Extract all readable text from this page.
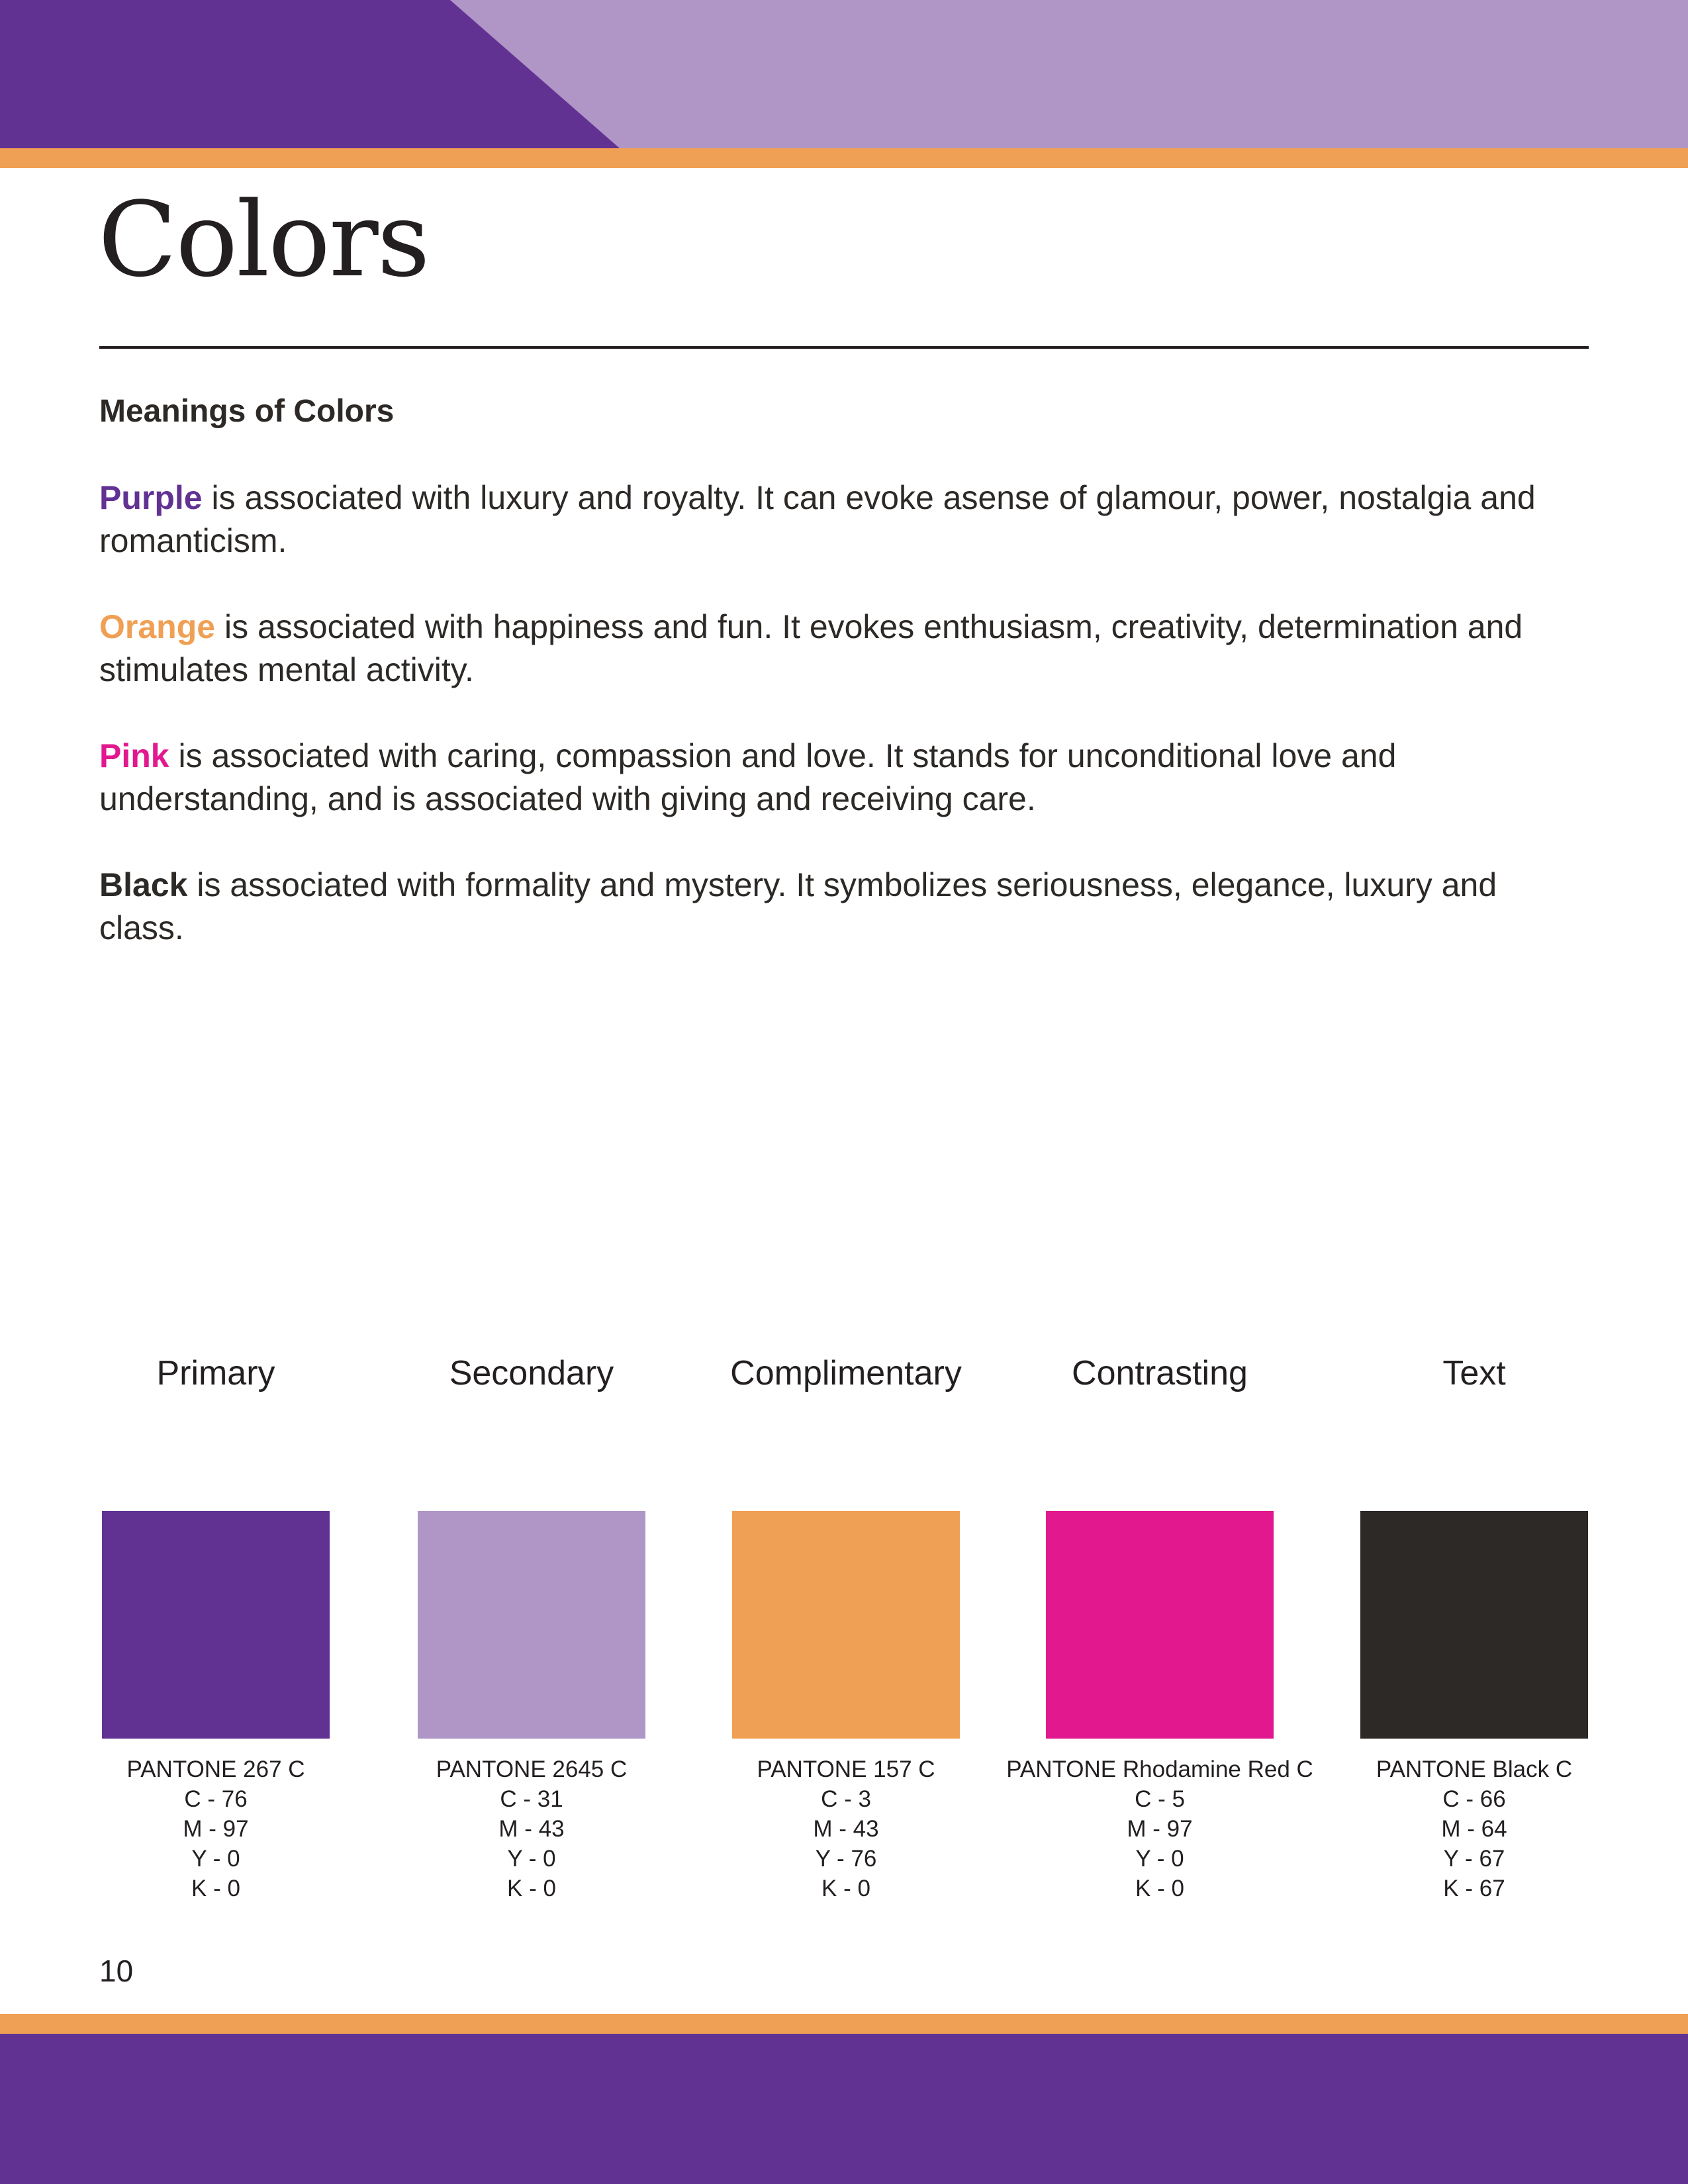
Colors
Meanings of Colors

Purple is associated with luxury and royalty. It can evoke asense of glamour, power, nostalgia and romanticism.

Orange is associated with happiness and fun. It evokes enthusiasm, creativity, determination and stimulates mental activity.

Pink is associated with caring, compassion and love. It stands for unconditional love and understanding, and is associated with giving and receiving care.

Black is associated with formality and mystery. It symbolizes seriousness, elegance, luxury and class.

Primary
PANTONE 267 C
C - 76
M - 97
Y - 0
K - 0
Secondary
PANTONE 2645 C
C - 31
M - 43
Y - 0
K - 0
Complimentary
PANTONE 157 C
C - 3
M - 43
Y - 76
K - 0
Contrasting
PANTONE Rhodamine Red C
C - 5
M - 97
Y - 0
K - 0
Text
PANTONE Black C
C - 66
M - 64
Y - 67
K - 67
10
